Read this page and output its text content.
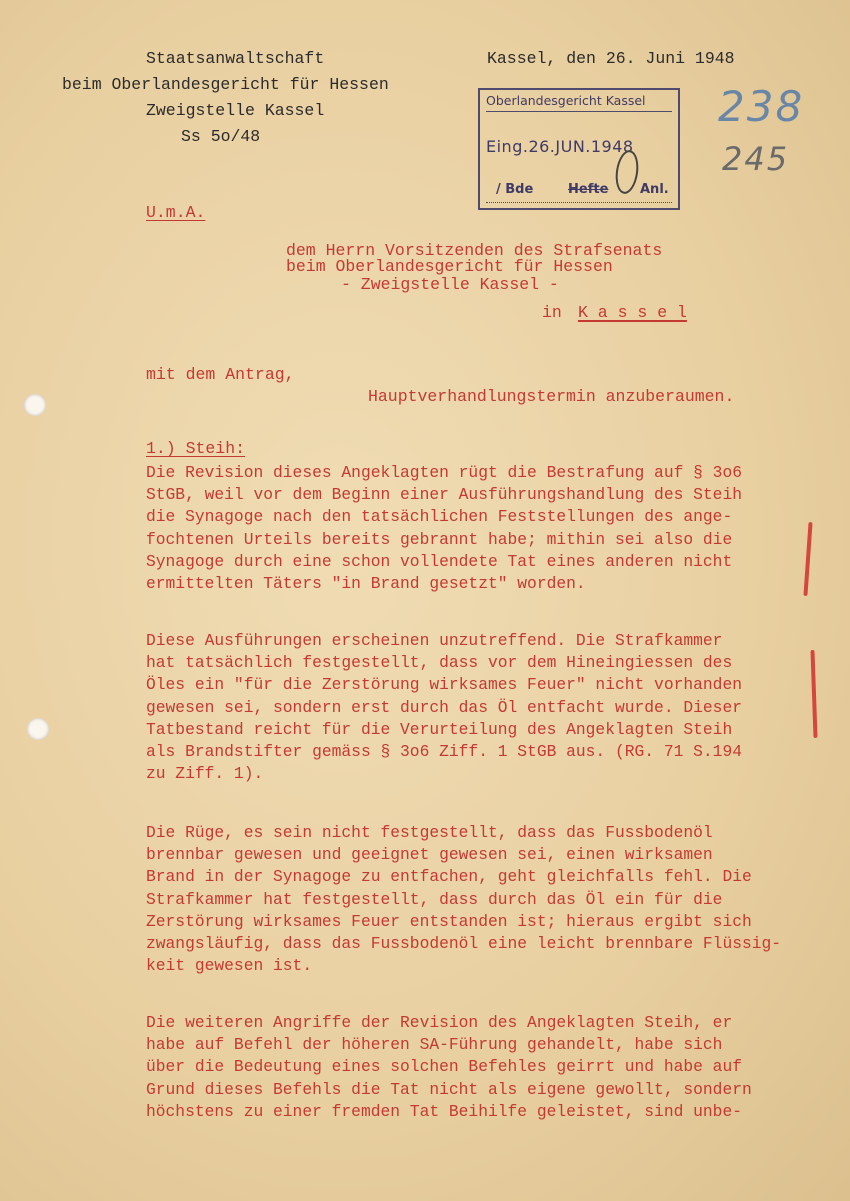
Staatsanwaltschaft
beim Oberlandesgericht für Hessen
Zweigstelle Kassel
Ss 5o/48
Kassel, den 26. Juni 1948
Oberlandesgericht Kassel
Eing.26.JUN.1948
/ Bde	Hefte Anl.
238
245
U.m.A.
dem Herrn Vorsitzenden des Strafsenats
beim Oberlandesgericht für Hessen
- Zweigstelle Kassel -
in K a s s e l
mit dem Antrag,
Hauptverhandlungstermin anzuberaumen.
1.) Steih:
Die Revision dieses Angeklagten rügt die Bestrafung auf § 3o6
StGB, weil vor dem Beginn einer Ausführungshandlung des Steih
die Synagoge nach den tatsächlichen Feststellungen des ange-
fochtenen Urteils bereits gebrannt habe; mithin sei also die
Synagoge durch eine schon vollendete Tat eines anderen nicht
ermittelten Täters "in Brand gesetzt" worden.
Diese Ausführungen erscheinen unzutreffend. Die Strafkammer
hat tatsächlich festgestellt, dass vor dem Hineingiessen des
Öles ein "für die Zerstörung wirksames Feuer" nicht vorhanden
gewesen sei, sondern erst durch das Öl entfacht wurde. Dieser
Tatbestand reicht für die Verurteilung des Angeklagten Steih
als Brandstifter gemäss § 3o6 Ziff. 1 StGB aus. (RG. 71 S.194
zu Ziff. 1).
Die Rüge, es sein nicht festgestellt, dass das Fussbodenöl
brennbar gewesen und geeignet gewesen sei, einen wirksamen
Brand in der Synagoge zu entfachen, geht gleichfalls fehl. Die
Strafkammer hat festgestellt, dass durch das Öl ein für die
Zerstörung wirksames Feuer entstanden ist; hieraus ergibt sich
zwangsläufig, dass das Fussbodenöl eine leicht brennbare Flüssig-
keit gewesen ist.
Die weiteren Angriffe der Revision des Angeklagten Steih, er
habe auf Befehl der höheren SA-Führung gehandelt, habe sich
über die Bedeutung eines solchen Befehles geirrt und habe auf
Grund dieses Befehls die Tat nicht als eigene gewollt, sondern
höchstens zu einer fremden Tat Beihilfe geleistet, sind unbe-
